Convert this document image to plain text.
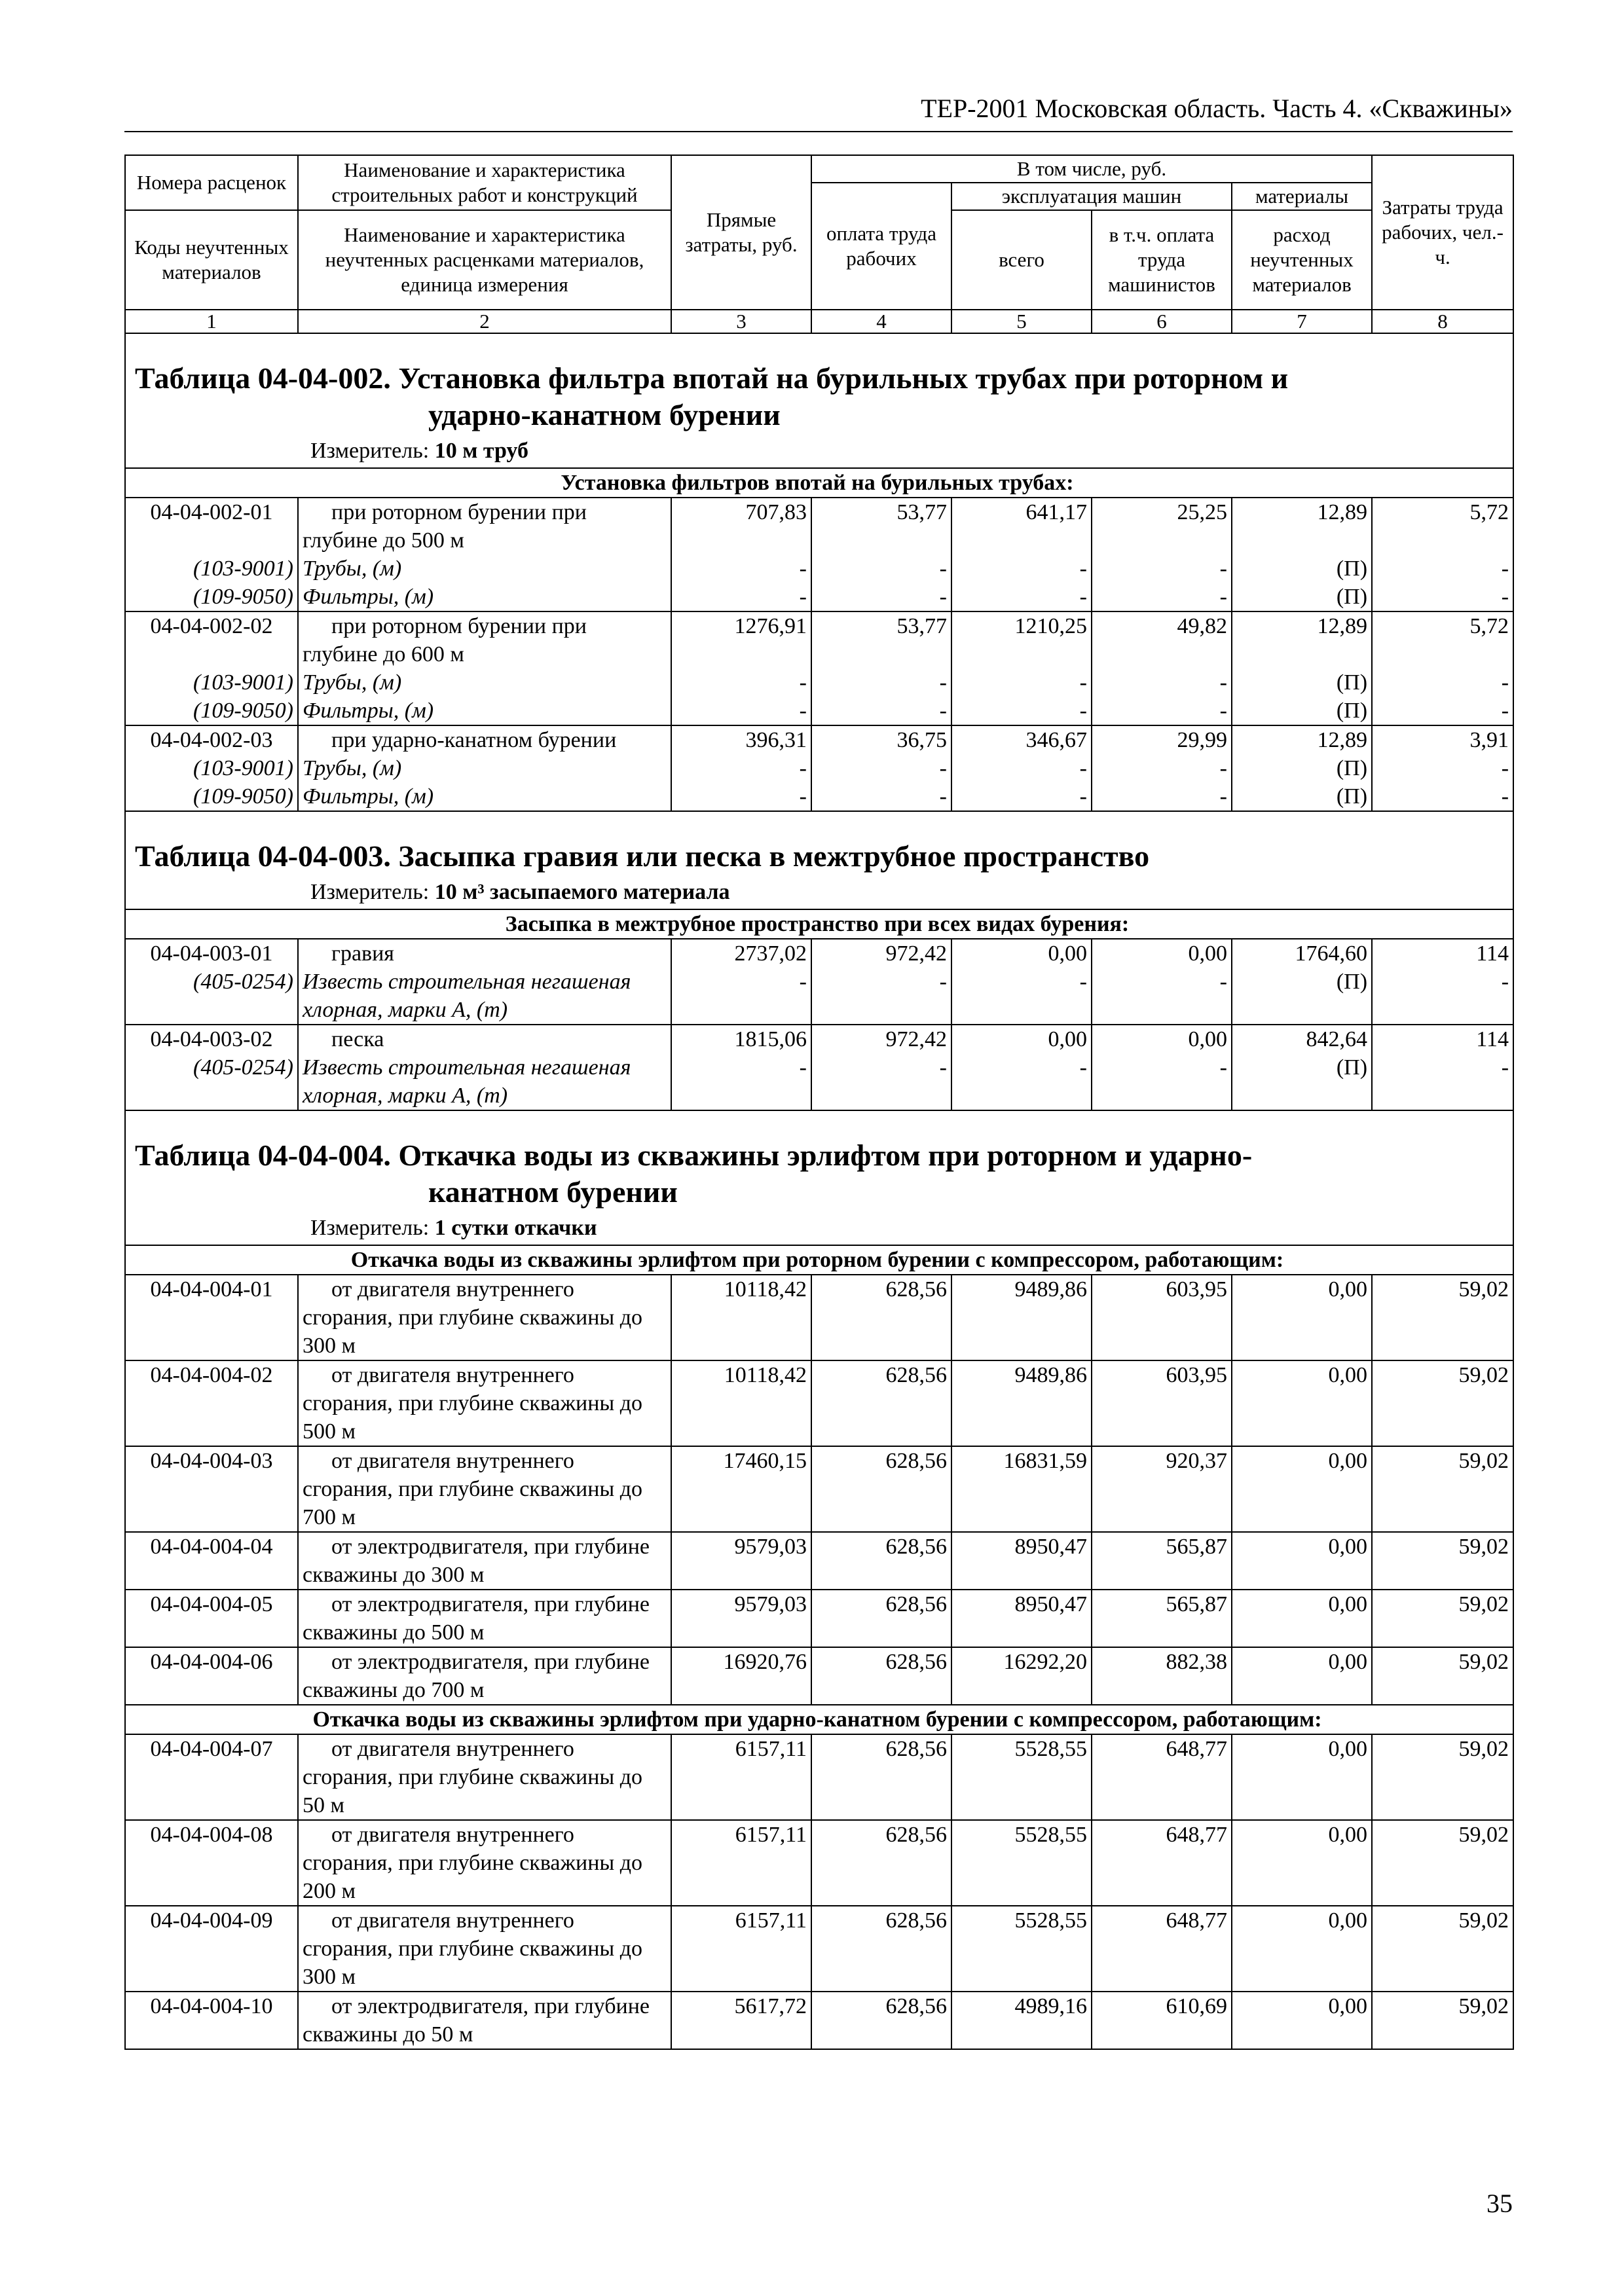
ТЕР-2001 Московская область. Часть 4. «Скважины»
Номера расценок	Наименование и характеристика строительных работ и конструкций	Прямые затраты, руб.	В том числе, руб.				Затраты труда рабочих, чел.-ч.
			оплата труда рабочих	эксплуатация машин		материалы	
Коды неучтенных материалов	Наименование и характеристика неучтенных расценками материалов, единица измерения			всего	в т.ч. оплата труда машинистов	расход неучтенных материалов	

1	2	3	4	5	6	7	8

Таблица 04-04-002. Установка фильтра впотай на бурильных трубах при роторном и
ударно-канатном бурении
Измеритель: 10 м труб							

Установка фильтров впотай на бурильных трубах:							
04-04-002-01	при роторном бурении при глубине до 500 м	707,83	53,77	641,17	25,25	12,89	5,72
(103-9001)	Трубы, (м)	-	-	-	-	(П)	-
(109-9050)	Фильтры, (м)	-	-	-	-	(П)	-
04-04-002-02	при роторном бурении при глубине до 600 м	1276,91	53,77	1210,25	49,82	12,89	5,72
(103-9001)	Трубы, (м)	-	-	-	-	(П)	-
(109-9050)	Фильтры, (м)	-	-	-	-	(П)	-
04-04-002-03	при ударно-канатном бурении	396,31	36,75	346,67	29,99	12,89	3,91
(103-9001)	Трубы, (м)	-	-	-	-	(П)	-
(109-9050)	Фильтры, (м)	-	-	-	-	(П)	-

Таблица 04-04-003. Засыпка гравия или песка в межтрубное пространство
Измеритель: 10 м³ засыпаемого материала							

Засыпка в межтрубное пространство при всех видах бурения:							
04-04-003-01	гравия	2737,02	972,42	0,00	0,00	1764,60	114
(405-0254)	Известь строительная негашеная хлорная, марки А, (т)	-	-	-	-	(П)	-
04-04-003-02	песка	1815,06	972,42	0,00	0,00	842,64	114
(405-0254)	Известь строительная негашеная хлорная, марки А, (т)	-	-	-	-	(П)	-

Таблица 04-04-004. Откачка воды из скважины эрлифтом при роторном и ударно-
канатном бурении
Измеритель: 1 сутки откачки							

Откачка воды из скважины эрлифтом при роторном бурении с компрессором, работающим:							
04-04-004-01	от двигателя внутреннего сгорания, при глубине скважины до 300 м	10118,42	628,56	9489,86	603,95	0,00	59,02
04-04-004-02	от двигателя внутреннего сгорания, при глубине скважины до 500 м	10118,42	628,56	9489,86	603,95	0,00	59,02
04-04-004-03	от двигателя внутреннего сгорания, при глубине скважины до 700 м	17460,15	628,56	16831,59	920,37	0,00	59,02
04-04-004-04	от электродвигателя, при глубине скважины до 300 м	9579,03	628,56	8950,47	565,87	0,00	59,02
04-04-004-05	от электродвигателя, при глубине скважины до 500 м	9579,03	628,56	8950,47	565,87	0,00	59,02
04-04-004-06	от электродвигателя, при глубине скважины до 700 м	16920,76	628,56	16292,20	882,38	0,00	59,02
Откачка воды из скважины эрлифтом при ударно-канатном бурении с компрессором, работающим:							
04-04-004-07	от двигателя внутреннего сгорания, при глубине скважины до 50 м	6157,11	628,56	5528,55	648,77	0,00	59,02
04-04-004-08	от двигателя внутреннего сгорания, при глубине скважины до 200 м	6157,11	628,56	5528,55	648,77	0,00	59,02
04-04-004-09	от двигателя внутреннего сгорания, при глубине скважины до 300 м	6157,11	628,56	5528,55	648,77	0,00	59,02
04-04-004-10	от электродвигателя, при глубине скважины до 50 м	5617,72	628,56	4989,16	610,69	0,00	59,02
35
